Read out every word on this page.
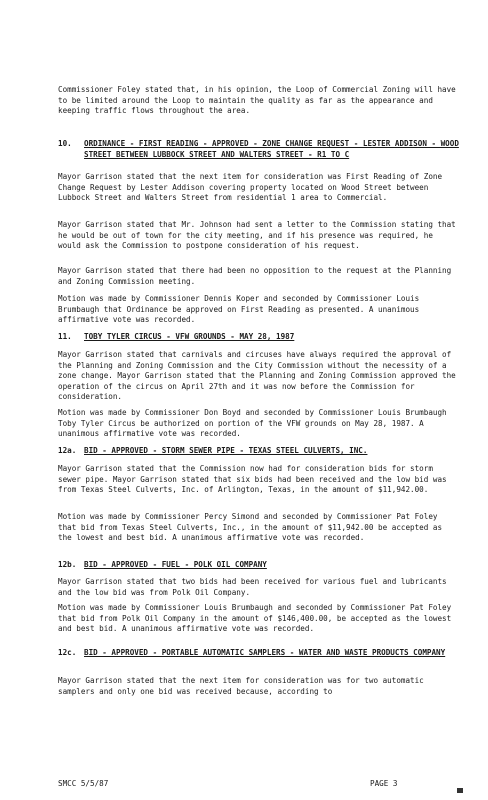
Commissioner Foley stated that, in his opinion, the Loop of Commercial Zoning will have to be limited around the Loop to maintain the quality as far as the appearance and keeping traffic flows throughout the area.
10. ORDINANCE - FIRST READING - APPROVED - ZONE CHANGE REQUEST - LESTER ADDISON - WOOD STREET BETWEEN LUBBOCK STREET AND WALTERS STREET - R1 TO C
Mayor Garrison stated that the next item for consideration was First Reading of Zone Change Request by Lester Addison covering property located on Wood Street between Lubbock Street and Walters Street from residential 1 area to Commercial.
Mayor Garrison stated that Mr. Johnson had sent a letter to the Commission stating that he would be out of town for the city meeting, and if his presence was required, he would ask the Commission to postpone consideration of his request.
Mayor Garrison stated that there had been no opposition to the request at the Planning and Zoning Commission meeting.
Motion was made by Commissioner Dennis Koper and seconded by Commissioner Louis Brumbaugh that Ordinance be approved on First Reading as presented. A unanimous affirmative vote was recorded.
11. TOBY TYLER CIRCUS - VFW GROUNDS - MAY 28, 1987
Mayor Garrison stated that carnivals and circuses have always required the approval of the Planning and Zoning Commission and the City Commission without the necessity of a zone change. Mayor Garrison stated that the Planning and Zoning Commission approved the operation of the circus on April 27th and it was now before the Commission for consideration.
Motion was made by Commissioner Don Boyd and seconded by Commissioner Louis Brumbaugh Toby Tyler Circus be authorized on portion of the VFW grounds on May 28, 1987. A unanimous affirmative vote was recorded.
12a. BID - APPROVED - STORM SEWER PIPE - TEXAS STEEL CULVERTS, INC.
Mayor Garrison stated that the Commission now had for consideration bids for storm sewer pipe. Mayor Garrison stated that six bids had been received and the low bid was from Texas Steel Culverts, Inc. of Arlington, Texas, in the amount of $11,942.00.
Motion was made by Commissioner Percy Simond and seconded by Commissioner Pat Foley that bid from Texas Steel Culverts, Inc., in the amount of $11,942.00 be accepted as the lowest and best bid. A unanimous affirmative vote was recorded.
12b. BID - APPROVED - FUEL - POLK OIL COMPANY
Mayor Garrison stated that two bids had been received for various fuel and lubricants and the low bid was from Polk Oil Company.
Motion was made by Commissioner Louis Brumbaugh and seconded by Commissioner Pat Foley that bid from Polk Oil Company in the amount of $146,400.00, be accepted as the lowest and best bid. A unanimous affirmative vote was recorded.
12c. BID - APPROVED - PORTABLE AUTOMATIC SAMPLERS - WATER AND WASTE PRODUCTS COMPANY
Mayor Garrison stated that the next item for consideration was for two automatic samplers and only one bid was received because, according to
SMCC 5/5/87	PAGE 3
